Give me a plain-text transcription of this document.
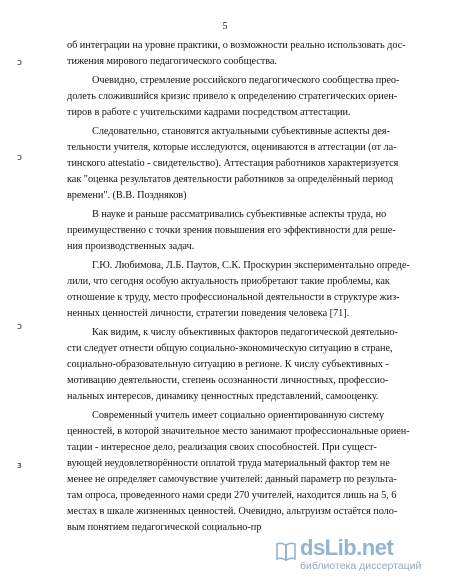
5
об интеграции на уровне практики, о возможности реально использовать дос-
тижения мирового педагогического сообщества.
Очевидно, стремление российского педагогического сообщества прео-
долеть сложившийся кризис привело к определению стратегических ориен-
тиров в работе с учительскими кадрами посредством аттестации.
Следовательно, становятся актуальными субъективные аспекты дея-
тельности учителя, которые исследуются, оцениваются в аттестации (от ла-
тинского attestatio - свидетельство). Аттестация работников характеризуется
как "оценка результатов деятельности работников за определённый период
времени". (В.В. Поздняков)
В науке и раньше рассматривались субъективные аспекты труда, но
преимущественно с точки зрения повышения его эффективности для реше-
ния производственных задач.
Г.Ю. Любимова, Л.Б. Паутов, С.К. Проскурин экспериментально опреде-
лили, что сегодня особую актуальность приобретают такие проблемы, как
отношение к труду, место профессиональной деятельности в структуре жиз-
ненных ценностей личности, стратегии поведения человека [71].
Как видим, к числу объективных факторов педагогической деятельно-
сти следует отнести общую социально-экономическую ситуацию в стране,
социально-образовательную ситуацию в регионе. К числу субъективных -
мотивацию деятельности, степень осознанности личностных, профессио-
нальных интересов, динамику ценностных представлений, самооценку.
Современный учитель имеет социально ориентированную систему
ценностей, в которой значительное место занимают профессиональные ориен-
тации - интересное дело, реализация своих способностей. При сущест-
вующей неудовлетворённости оплатой труда материальный фактор тем не
менее не определяет самочувствие учителей: данный параметр по результа-
там опроса, проведенного нами среди 270 учителей, находится лишь на 5, 6
местах в шкале жизненных ценностей. Очевидно, альтруизм остаётся поло-
вым понятием педагогической социально-пр
ɔ
ɔ
ɔ
ɜ
dsLib.net
библиотека диссертаций
